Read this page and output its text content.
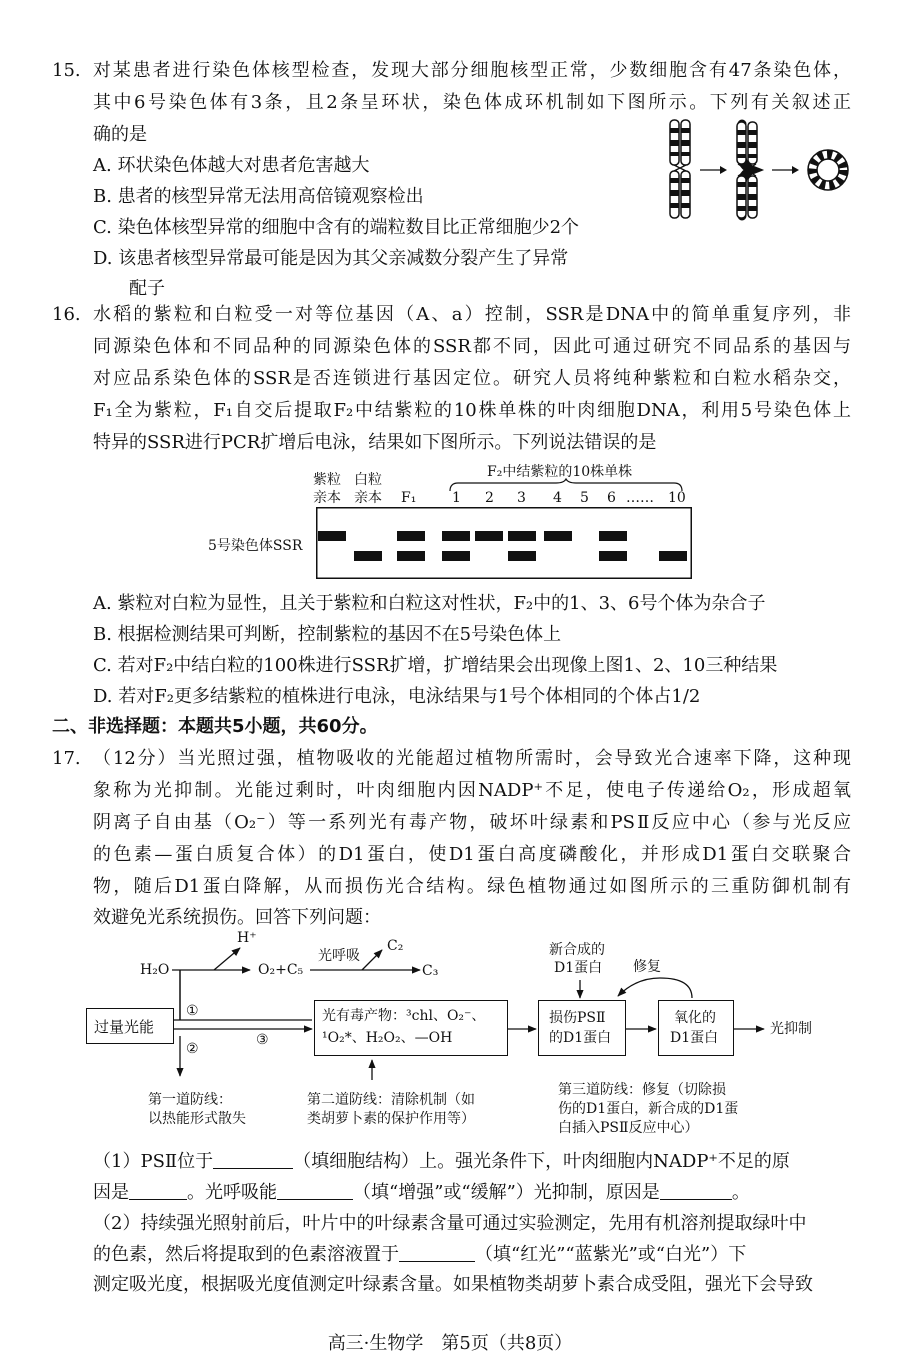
15. 对某患者进行染色体核型检查，发现大部分细胞核型正常，少数细胞含有47条染色体，
其中6号染色体有3条，且2条呈环状，染色体成环机制如下图所示。下列有关叙述正
确的是
A. 环状染色体越大对患者危害越大
B. 患者的核型异常无法用高倍镜观察检出
C. 染色体核型异常的细胞中含有的端粒数目比正常细胞少2个
D. 该患者核型异常最可能是因为其父亲减数分裂产生了异常
配子
16. 水稻的紫粒和白粒受一对等位基因（A、a）控制，SSR是DNA中的简单重复序列，非
同源染色体和不同品种的同源染色体的SSR都不同，因此可通过研究不同品系的基因与
对应品系染色体的SSR是否连锁进行基因定位。研究人员将纯种紫粒和白粒水稻杂交，
F₁全为紫粒，F₁自交后提取F₂中结紫粒的10株单株的叶肉细胞DNA，利用5号染色体上
特异的SSR进行PCR扩增后电泳，结果如下图所示。下列说法错误的是
F₂中结紫粒的10株单株
紫粒 白粒
亲本 亲本 F₁	1 2 3 4 5 6 …… 10
5号染色体SSR
A. 紫粒对白粒为显性，且关于紫粒和白粒这对性状，F₂中的1、3、6号个体为杂合子
B. 根据检测结果可判断，控制紫粒的基因不在5号染色体上
C. 若对F₂中结白粒的100株进行SSR扩增，扩增结果会出现像上图1、2、10三种结果
D. 若对F₂更多结紫粒的植株进行电泳，电泳结果与1号个体相同的个体占1/2
二、非选择题：本题共5小题，共60分。
17. （12分）当光照过强，植物吸收的光能超过植物所需时，会导致光合速率下降，这种现
象称为光抑制。光能过剩时，叶肉细胞内因NADP⁺不足，使电子传递给O₂，形成超氧
阴离子自由基（O₂⁻）等一系列光有毒产物，破坏叶绿素和PSⅡ反应中心（参与光反应
的色素—蛋白质复合体）的D1蛋白，使D1蛋白高度磷酸化，并形成D1蛋白交联聚合
物，随后D1蛋白降解，从而损伤光合结构。绿色植物通过如图所示的三重防御机制有
效避免光系统损伤。回答下列问题：
H₂O
H⁺
O₂+C₅
光呼吸
C₂
C₃
过量光能
①
②
③
光有毒产物：³chl、O₂⁻、
¹O₂*、H₂O₂、—OH
新合成的
D1蛋白 修复
损伤PSⅡ
的D1蛋白
氧化的
D1蛋白
光抑制
第一道防线：
以热能形式散失
第二道防线：清除机制（如
类胡萝卜素的保护作用等）
第三道防线：修复（切除损
伤的D1蛋白，新合成的D1蛋
白插入PSⅡ反应中心）
（1）PSⅡ位于	（填细胞结构）上。强光条件下，叶肉细胞内NADP⁺不足的原
因是	。光呼吸能	（填“增强”或“缓解”）光抑制，原因是	。
（2）持续强光照射前后，叶片中的叶绿素含量可通过实验测定，先用有机溶剂提取绿叶中
的色素，然后将提取到的色素溶液置于	（填“红光”“蓝紫光”或“白光”）下
测定吸光度，根据吸光度值测定叶绿素含量。如果植物类胡萝卜素合成受阻，强光下会导致
高三·生物学　第5页（共8页）
